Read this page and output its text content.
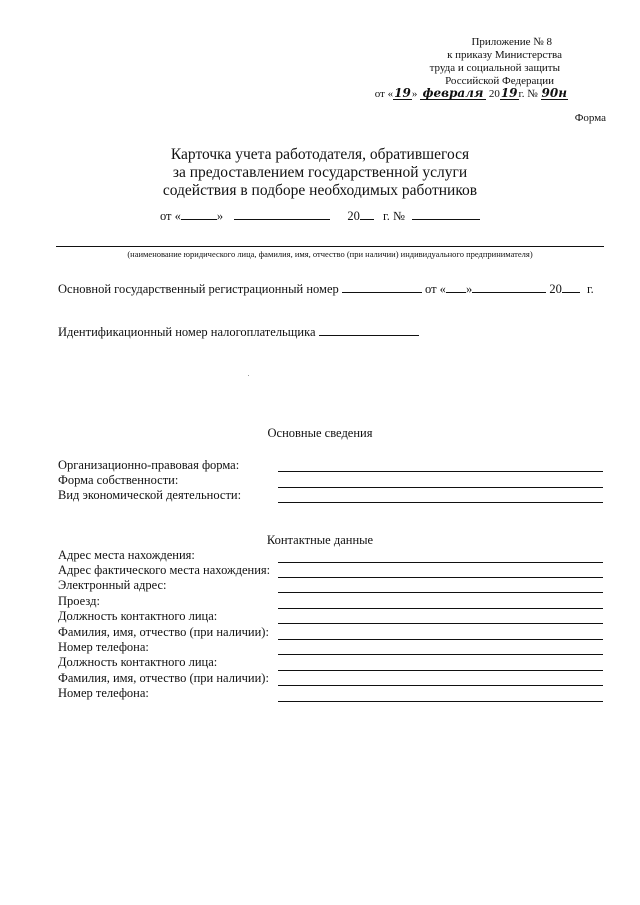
Приложение № 8
к приказу Министерства
труда и социальной защиты
Российской Федерации
от «19» февраля 2019г. № 90н
Форма
Карточка учета работодателя, обратившегося
за предоставлением государственной услуги
содействия в подборе необходимых работников
от «	»	20 г. №
(наименование юридического лица, фамилия, имя, отчество (при наличии) индивидуального предпринимателя)
Основной государственный регистрационный номер	от « »	20 г.
Идентификационный номер налогоплательщика
Основные сведения
Организационно-правовая форма:
Форма собственности:
Вид экономической деятельности:
Контактные данные
Адрес места нахождения:
Адрес фактического места нахождения:
Электронный адрес:
Проезд:
Должность контактного лица:
Фамилия, имя, отчество (при наличии):
Номер телефона:
Должность контактного лица:
Фамилия, имя, отчество (при наличии):
Номер телефона:
